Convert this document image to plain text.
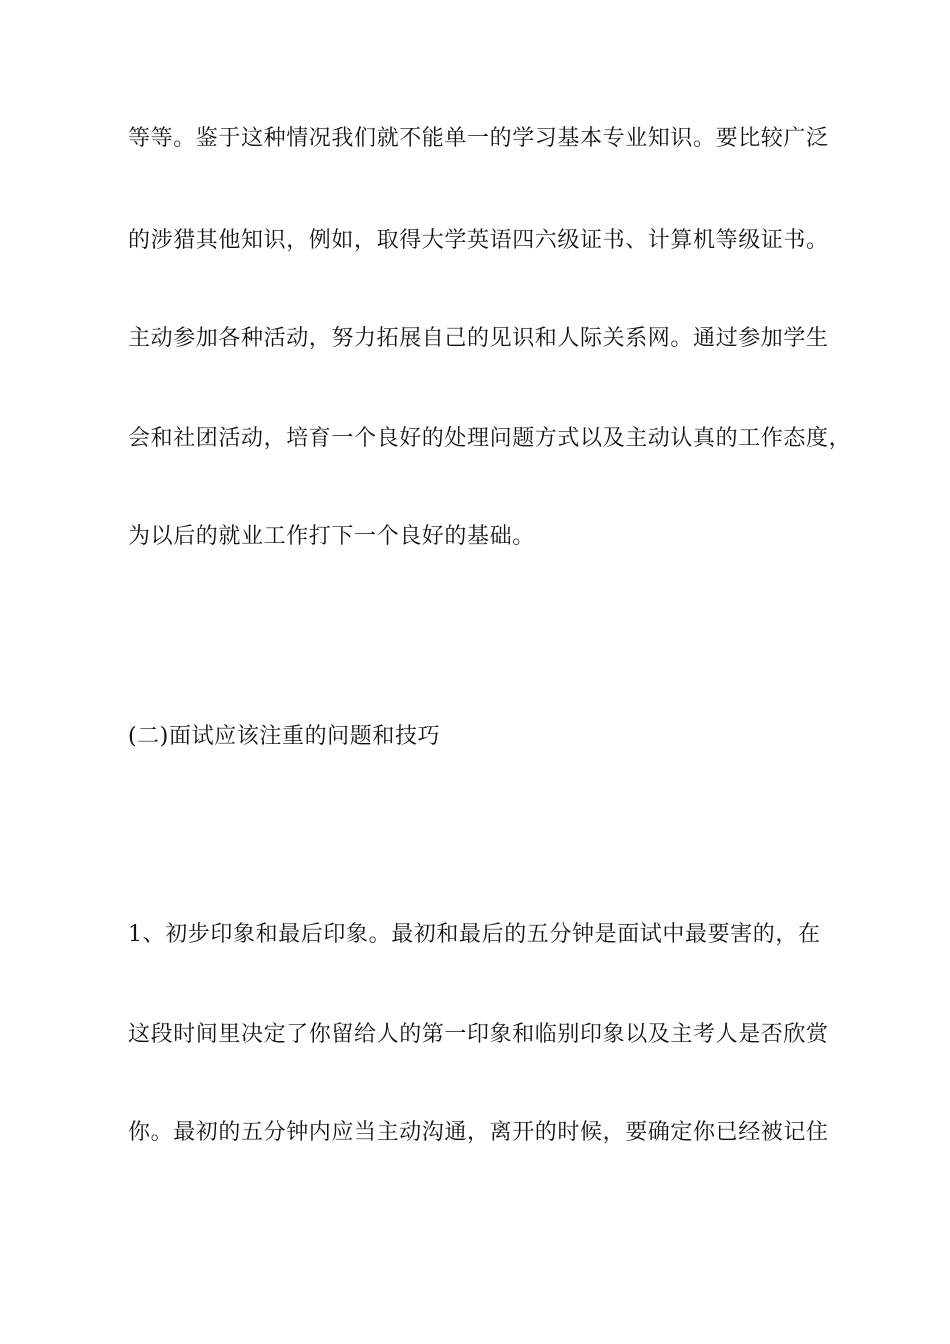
等等。鉴于这种情况我们就不能单一的学习基本专业知识。要比较广泛

的涉猎其他知识，例如，取得大学英语四六级证书、计算机等级证书。

主动参加各种活动，努力拓展自己的见识和人际关系网。通过参加学生

会和社团活动，培育一个良好的处理问题方式以及主动认真的工作态度，

为以后的就业工作打下一个良好的基础。

(二)面试应该注重的问题和技巧

1、初步印象和最后印象。最初和最后的五分钟是面试中最要害的，在

这段时间里决定了你留给人的第一印象和临别印象以及主考人是否欣赏

你。最初的五分钟内应当主动沟通，离开的时候，要确定你已经被记住
